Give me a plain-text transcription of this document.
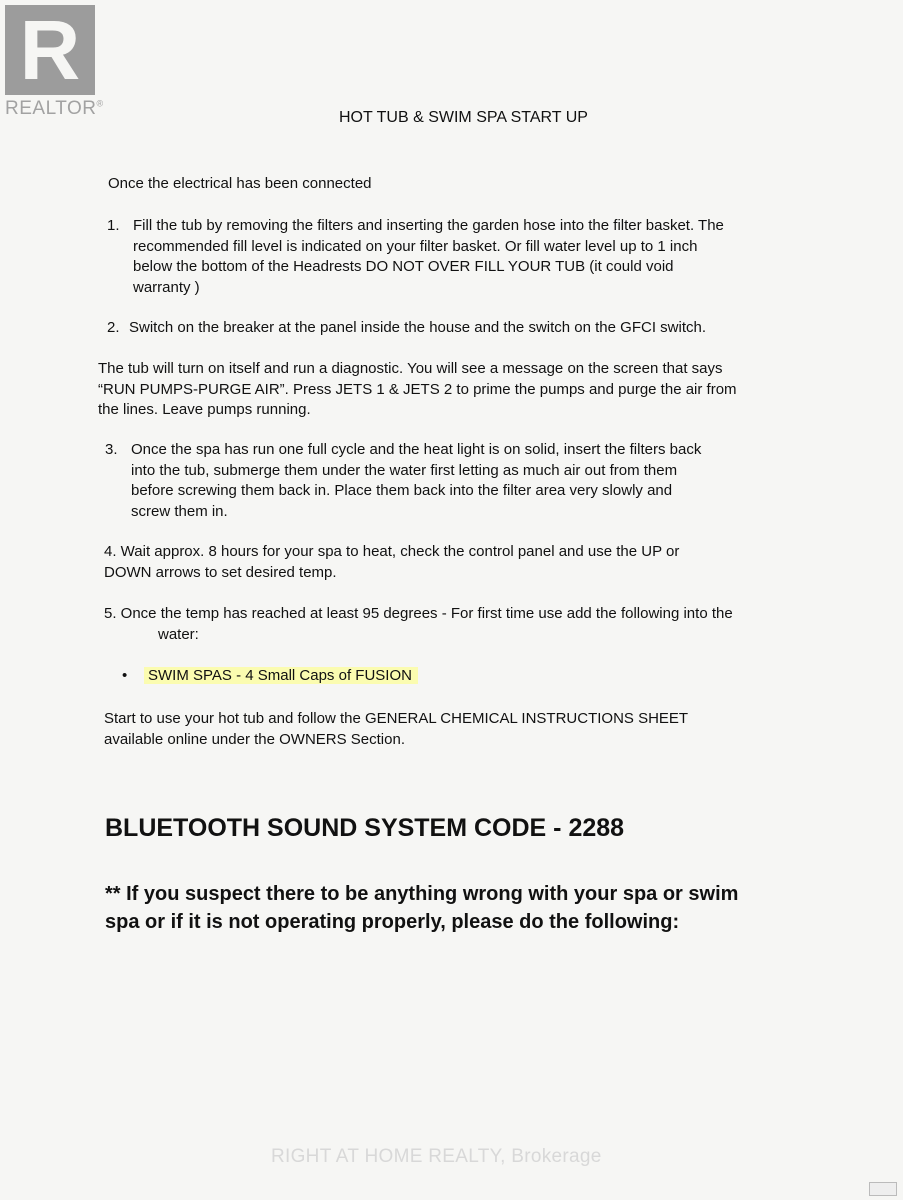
R
REALTOR®
HOT TUB & SWIM SPA START UP
Once the electrical has been connected
1. Fill the tub by removing the filters and inserting the garden hose into the filter basket. The
recommended fill level is indicated on your filter basket. Or fill water level up to 1 inch
below the bottom of the Headrests DO NOT OVER FILL YOUR TUB (it could void
warranty )
2. Switch on the breaker at the panel inside the house and the switch on the GFCI switch.
The tub will turn on itself and run a diagnostic. You will see a message on the screen that says
“RUN PUMPS-PURGE AIR”. Press JETS 1 & JETS 2 to prime the pumps and purge the air from
the lines. Leave pumps running.
3. Once the spa has run one full cycle and the heat light is on solid, insert the filters back
into the tub, submerge them under the water first letting as much air out from them
before screwing them back in. Place them back into the filter area very slowly and
screw them in.
4. Wait approx. 8 hours for your spa to heat, check the control panel and use the UP or
DOWN arrows to set desired temp.
5. Once the temp has reached at least 95 degrees - For first time use add the following into the
water:
• SWIM SPAS - 4 Small Caps of FUSION
Start to use your hot tub and follow the GENERAL CHEMICAL INSTRUCTIONS SHEET
available online under the OWNERS Section.
BLUETOOTH SOUND SYSTEM CODE - 2288
** If you suspect there to be anything wrong with your spa or swim
spa or if it is not operating properly, please do the following:
RIGHT AT HOME REALTY, Brokerage
